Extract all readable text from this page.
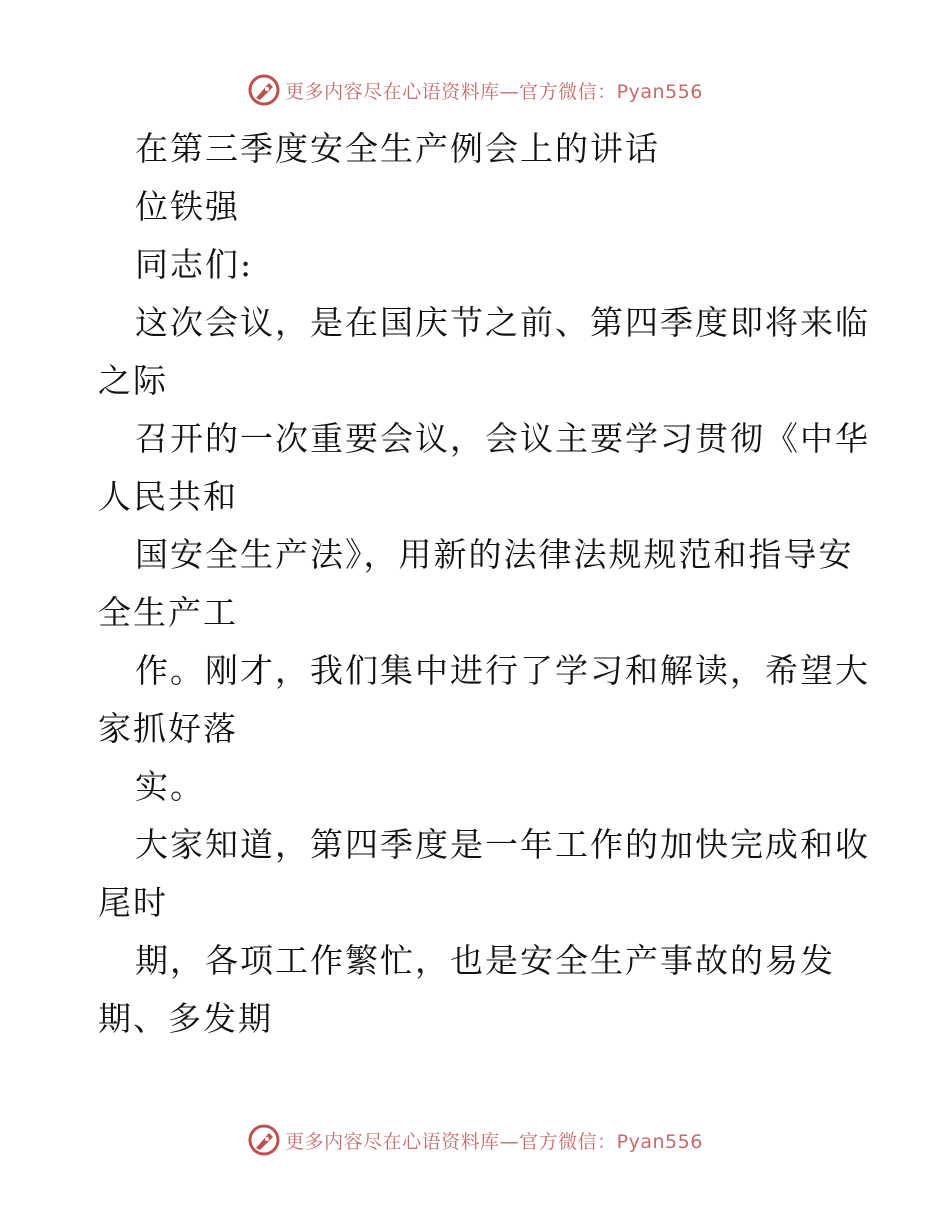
更多内容尽在心语资料库—官方微信：Pyan556
在第三季度安全生产例会上的讲话
位铁强
同志们:
这次会议，是在国庆节之前、第四季度即将来临
之际
召开的一次重要会议，会议主要学习贯彻《中华
人民共和
国安全生产法》，用新的法律法规规范和指导安
全生产工
作。刚才，我们集中进行了学习和解读，希望大
家抓好落
实。
大家知道，第四季度是一年工作的加快完成和收
尾时
期，各项工作繁忙，也是安全生产事故的易发
期、多发期
更多内容尽在心语资料库—官方微信：Pyan556
